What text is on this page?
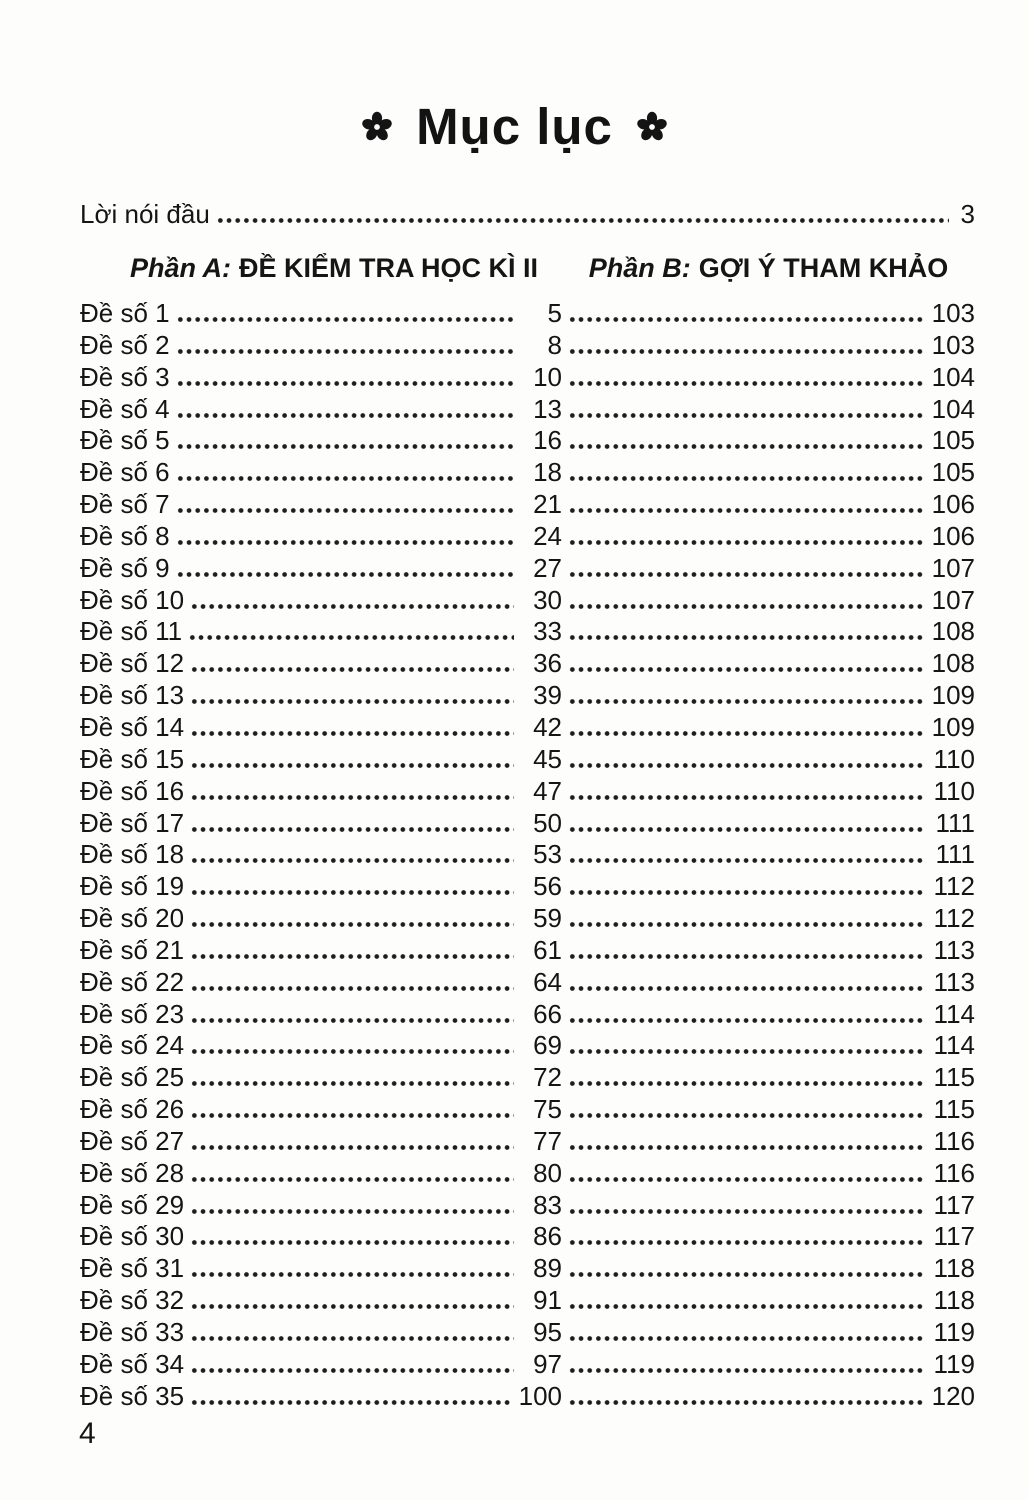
Mục lục
Lời nói đầu	3
Phần A: ĐỀ KIỂM TRA HỌC KÌ II	Phần B: GỢI Ý THAM KHẢO
Đề số 1	5	103
Đề số 2	8	103
Đề số 3	10	104
Đề số 4	13	104
Đề số 5	16	105
Đề số 6	18	105
Đề số 7	21	106
Đề số 8	24	106
Đề số 9	27	107
Đề số 10	30	107
Đề số 11	33	108
Đề số 12	36	108
Đề số 13	39	109
Đề số 14	42	109
Đề số 15	45	110
Đề số 16	47	110
Đề số 17	50	111
Đề số 18	53	111
Đề số 19	56	112
Đề số 20	59	112
Đề số 21	61	113
Đề số 22	64	113
Đề số 23	66	114
Đề số 24	69	114
Đề số 25	72	115
Đề số 26	75	115
Đề số 27	77	116
Đề số 28	80	116
Đề số 29	83	117
Đề số 30	86	117
Đề số 31	89	118
Đề số 32	91	118
Đề số 33	95	119
Đề số 34	97	119
Đề số 35	100	120
4
